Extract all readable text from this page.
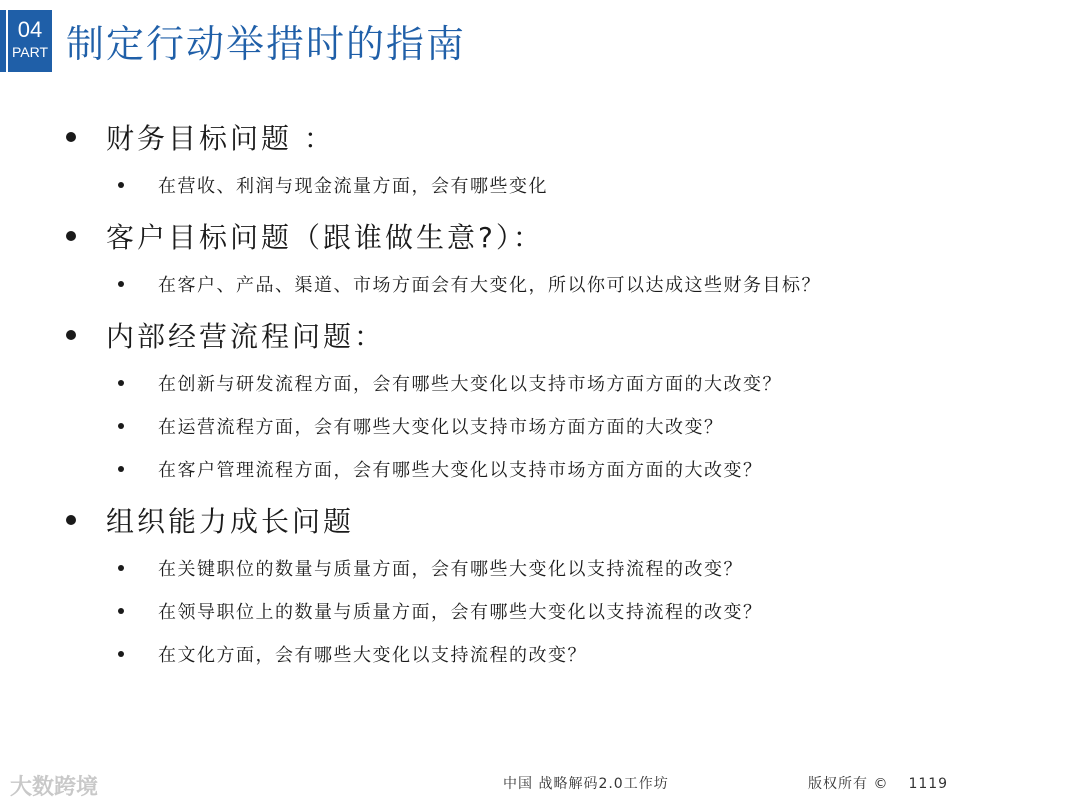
04
PART 制定行动举措时的指南
财务目标问题 ：
在营收、利润与现金流量方面，会有哪些变化
客户目标问题（跟谁做生意?）：
在客户、产品、渠道、市场方面会有大变化，所以你可以达成这些财务目标？
内部经营流程问题：
在创新与研发流程方面，会有哪些大变化以支持市场方面方面的大改变？
在运营流程方面，会有哪些大变化以支持市场方面方面的大改变？
在客户管理流程方面，会有哪些大变化以支持市场方面方面的大改变？
组织能力成长问题
在关键职位的数量与质量方面，会有哪些大变化以支持流程的改变？
在领导职位上的数量与质量方面，会有哪些大变化以支持流程的改变？
在文化方面，会有哪些大变化以支持流程的改变？
大数跨境	中国 战略解码2.0工作坊	版权所有 © 1119
